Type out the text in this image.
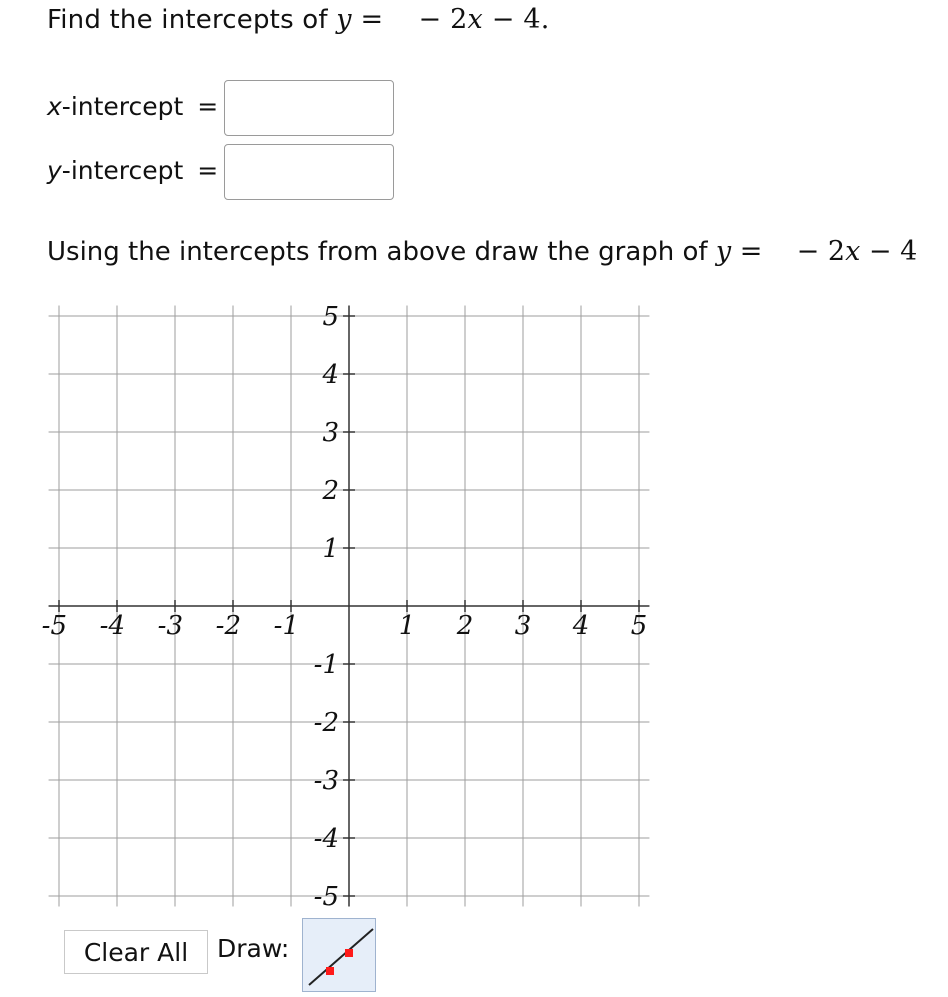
Find the intercepts of y =    − 2x − 4.
x-intercept =
y-intercept =
Using the intercepts from above draw the graph of y =    − 2x − 4
-5 -4 -3 -2 -1	1 2 3 4 5
5
4
3
2
1
-1
-2
-3
-4
-5
Clear All	Draw:
